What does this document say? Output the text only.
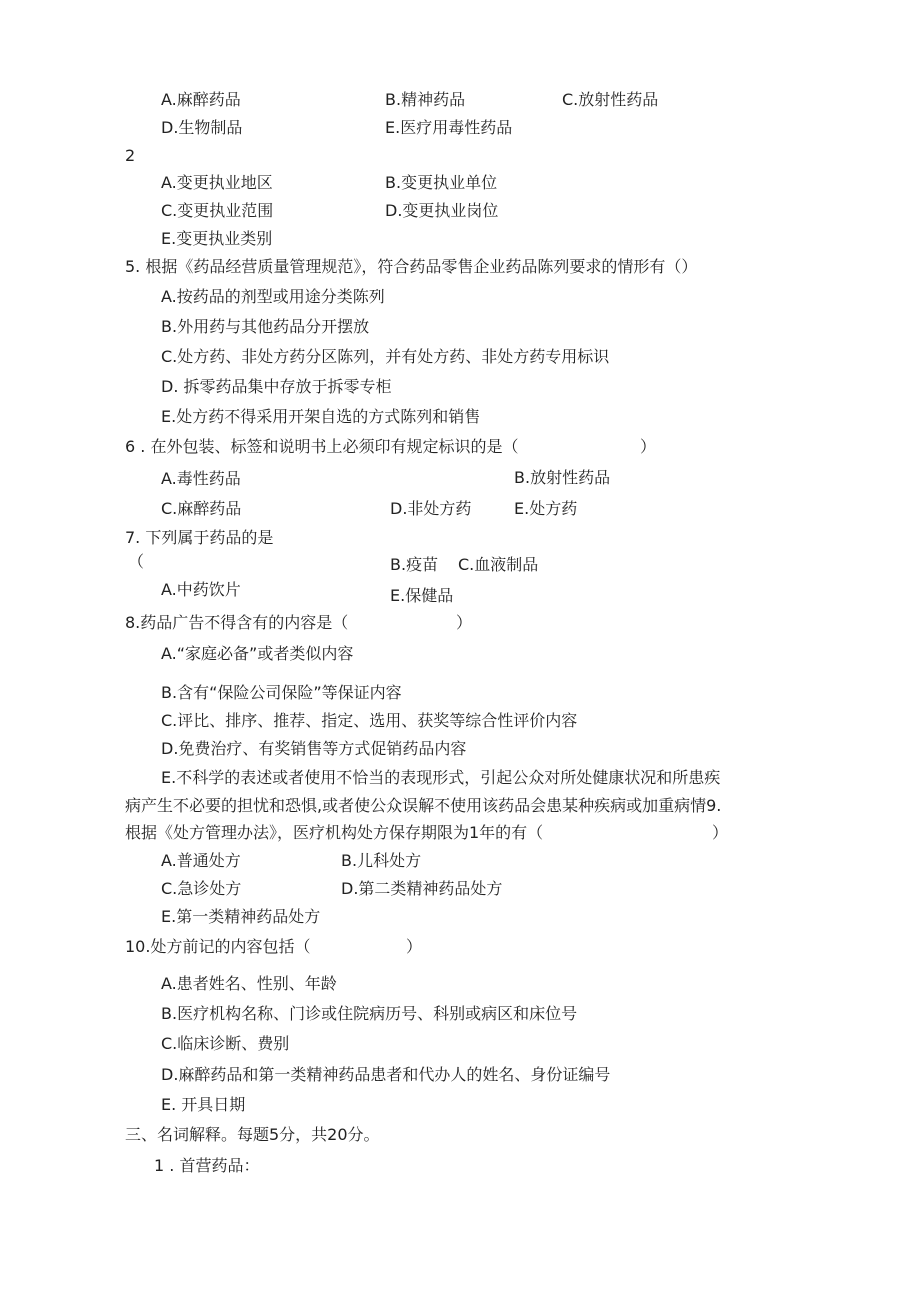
A.麻醉药品	B.精神药品	C.放射性药品
D.生物制品	E.医疗用毒性药品
2
A.变更执业地区	B.变更执业单位
C.变更执业范围	D.变更执业岗位
E.变更执业类别
5. 根据《药品经营质量管理规范》，符合药品零售企业药品陈列要求的情形有（）
A.按药品的剂型或用途分类陈列
B.外用药与其他药品分开摆放
C.处方药、非处方药分区陈列，并有处方药、非处方药专用标识
D. 拆零药品集中存放于拆零专柜
E.处方药不得采用开架自选的方式陈列和销售
6 . 在外包装、标签和说明书上必须印有规定标识的是（	）
A.毒性药品	B.放射性药品
C.麻醉药品	D.非处方药	E.处方药
7. 下列属于药品的是
（	B.疫苗 C.血液制品
A.中药饮片	E.保健品
8.药品广告不得含有的内容是（	）
A.“家庭必备”或者类似内容
B.含有“保险公司保险”等保证内容
C.评比、排序、推荐、指定、选用、获奖等综合性评价内容
D.免费治疗、有奖销售等方式促销药品内容
E.不科学的表述或者使用不恰当的表现形式，引起公众对所处健康状况和所患疾
病产生不必要的担忧和恐惧,或者使公众误解不使用该药品会患某种疾病或加重病情9.
根据《处方管理办法》，医疗机构处方保存期限为1年的有（	）
A.普通处方	B.儿科处方
C.急诊处方	D.第二类精神药品处方
E.第一类精神药品处方
10.处方前记的内容包括（	）
A.患者姓名、性别、年龄
B.医疗机构名称、门诊或住院病历号、科别或病区和床位号
C.临床诊断、费别
D.麻醉药品和第一类精神药品患者和代办人的姓名、身份证编号
E. 开具日期
三、名词解释。每题5分，共20分。
1 . 首营药品：
